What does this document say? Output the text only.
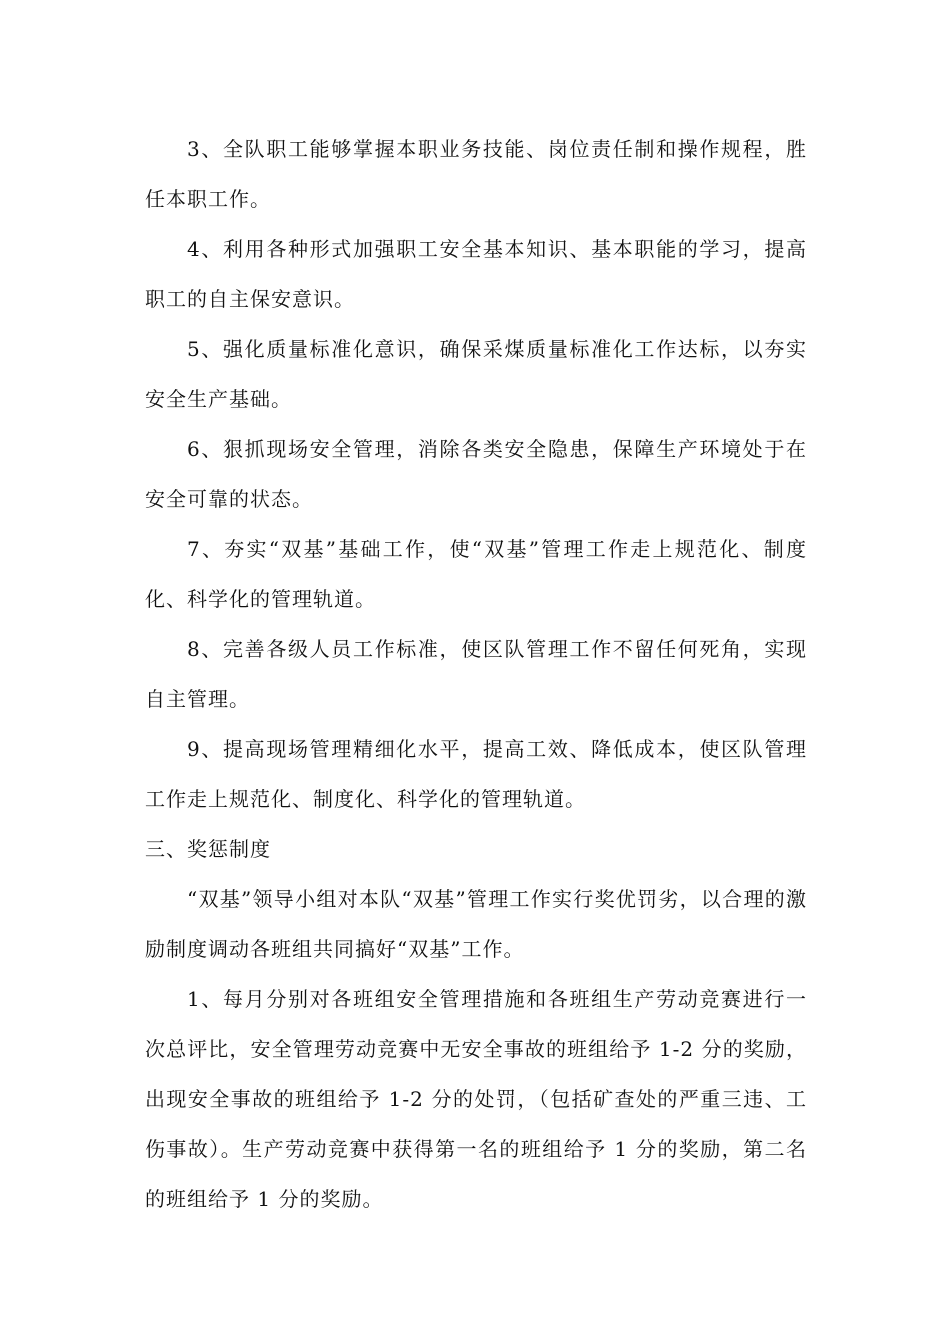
3、全队职工能够掌握本职业务技能、岗位责任制和操作规程，胜任本职工作。

4、利用各种形式加强职工安全基本知识、基本职能的学习，提高职工的自主保安意识。

5、强化质量标准化意识，确保采煤质量标准化工作达标，以夯实安全生产基础。

6、狠抓现场安全管理，消除各类安全隐患，保障生产环境处于在安全可靠的状态。

7、夯实“双基”基础工作，使“双基”管理工作走上规范化、制度化、科学化的管理轨道。

8、完善各级人员工作标准，使区队管理工作不留任何死角，实现自主管理。

9、提高现场管理精细化水平，提高工效、降低成本，使区队管理工作走上规范化、制度化、科学化的管理轨道。

三、奖惩制度

“双基”领导小组对本队“双基”管理工作实行奖优罚劣，以合理的激励制度调动各班组共同搞好“双基”工作。

1、每月分别对各班组安全管理措施和各班组生产劳动竞赛进行一次总评比，安全管理劳动竞赛中无安全事故的班组给予 1-2 分的奖励，出现安全事故的班组给予 1-2 分的处罚，（包括矿查处的严重三违、工伤事故）。生产劳动竞赛中获得第一名的班组给予 1 分的奖励，第二名的班组给予 1 分的奖励。
